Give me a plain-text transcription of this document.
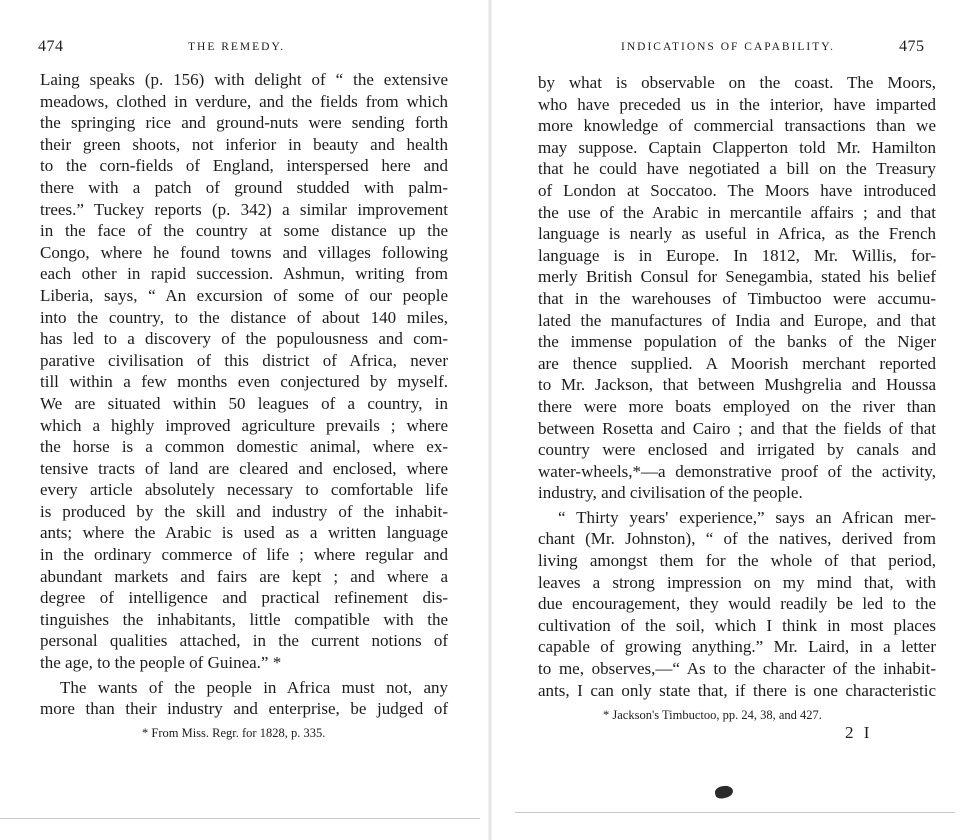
474	THE REMEDY.
Laing speaks (p. 156) with delight of “ the extensive
meadows, clothed in verdure, and the fields from which
the springing rice and ground-nuts were sending forth
their green shoots, not inferior in beauty and health
to the corn-fields of England, interspersed here and
there with a patch of ground studded with palm-
trees.” Tuckey reports (p. 342) a similar improvement
in the face of the country at some distance up the
Congo, where he found towns and villages following
each other in rapid succession. Ashmun, writing from
Liberia, says, “ An excursion of some of our people
into the country, to the distance of about 140 miles,
has led to a discovery of the populousness and com-
parative civilisation of this district of Africa, never
till within a few months even conjectured by myself.
We are situated within 50 leagues of a country, in
which a highly improved agriculture prevails ; where
the horse is a common domestic animal, where ex-
tensive tracts of land are cleared and enclosed, where
every article absolutely necessary to comfortable life
is produced by the skill and industry of the inhabit-
ants; where the Arabic is used as a written language
in the ordinary commerce of life ; where regular and
abundant markets and fairs are kept ; and where a
degree of intelligence and practical refinement dis-
tinguishes the inhabitants, little compatible with the
personal qualities attached, in the current notions of
the age, to the people of Guinea.” *
The wants of the people in Africa must not, any
more than their industry and enterprise, be judged of
* From Miss. Regr. for 1828, p. 335.
INDICATIONS OF CAPABILITY.	475
by what is observable on the coast. The Moors,
who have preceded us in the interior, have imparted
more knowledge of commercial transactions than we
may suppose. Captain Clapperton told Mr. Hamilton
that he could have negotiated a bill on the Treasury
of London at Soccatoo. The Moors have introduced
the use of the Arabic in mercantile affairs ; and that
language is nearly as useful in Africa, as the French
language is in Europe. In 1812, Mr. Willis, for-
merly British Consul for Senegambia, stated his belief
that in the warehouses of Timbuctoo were accumu-
lated the manufactures of India and Europe, and that
the immense population of the banks of the Niger
are thence supplied. A Moorish merchant reported
to Mr. Jackson, that between Mushgrelia and Houssa
there were more boats employed on the river than
between Rosetta and Cairo ; and that the fields of that
country were enclosed and irrigated by canals and
water-wheels,*—a demonstrative proof of the activity,
industry, and civilisation of the people.
“ Thirty years' experience,” says an African mer-
chant (Mr. Johnston), “ of the natives, derived from
living amongst them for the whole of that period,
leaves a strong impression on my mind that, with
due encouragement, they would readily be led to the
cultivation of the soil, which I think in most places
capable of growing anything.” Mr. Laird, in a letter
to me, observes,—“ As to the character of the inhabit-
ants, I can only state that, if there is one characteristic
* Jackson's Timbuctoo, pp. 24, 38, and 427.
2 I
